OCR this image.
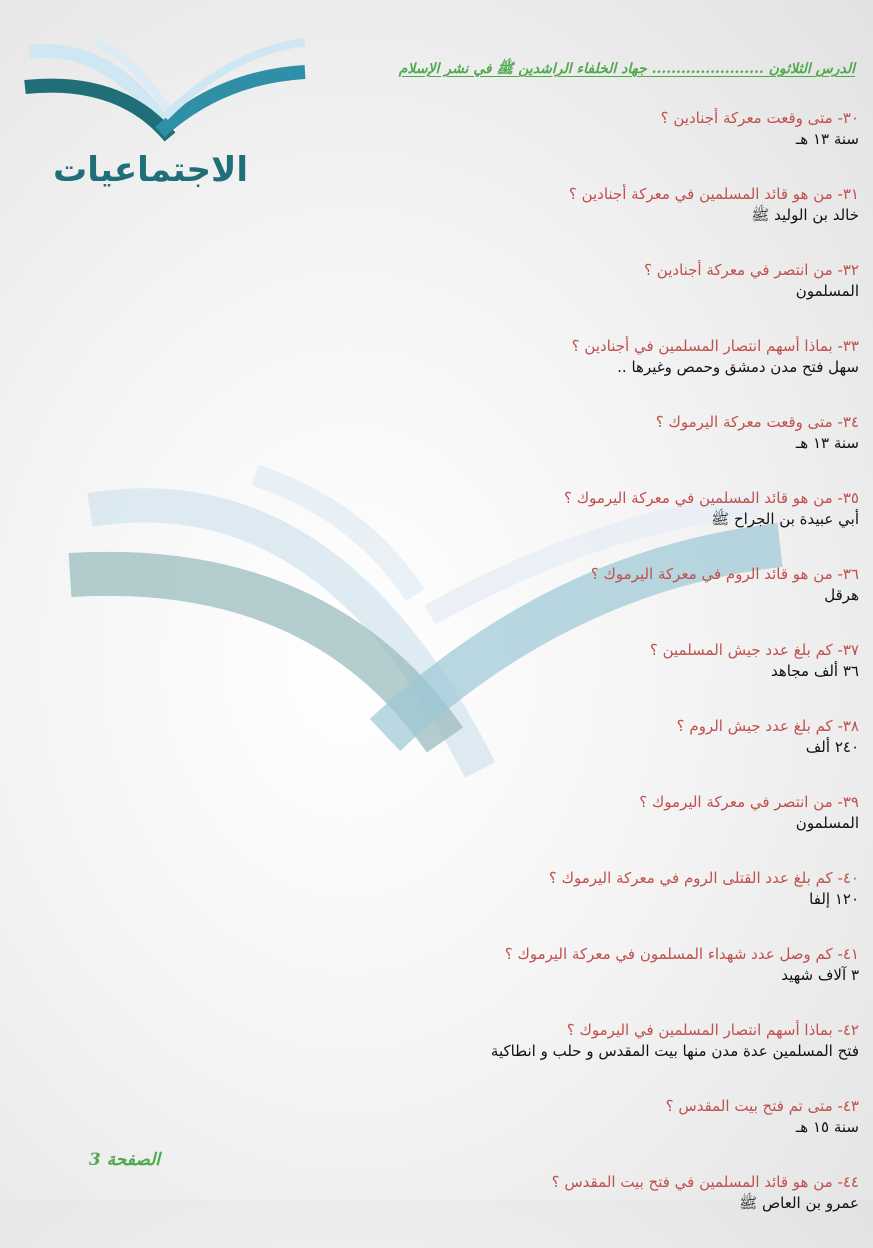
الاجتماعيات
الدرس الثلاثون ....................... جهاد الخلفاء الراشدين ﷺ في نشر الإسلام
٣٠- متى وقعت معركة أجنادين ؟
سنة ١٣ هـ
٣١- من هو قائد المسلمين في معركة أجنادين ؟
خالد بن الوليد ﷺ
٣٢- من انتصر في معركة أجنادين ؟
المسلمون
٣٣- بماذا أسهم انتصار المسلمين في أجنادين ؟
سهل فتح مدن دمشق وحمص وغيرها ..
٣٤- متى وقعت معركة اليرموك ؟
سنة ١٣ هـ
٣٥- من هو قائد المسلمين في معركة اليرموك ؟
أبي عبيدة بن الجراح ﷺ
٣٦- من هو قائد الروم في معركة اليرموك ؟
هرقل
٣٧- كم بلغ عدد جيش المسلمين ؟
٣٦ ألف مجاهد
٣٨- كم بلغ عدد جيش الروم ؟
٢٤٠ ألف
٣٩- من انتصر في معركة اليرموك ؟
المسلمون
٤٠- كم بلغ عدد القتلى الروم في معركة اليرموك ؟
١٢٠ إلفا
٤١- كم وصل عدد شهداء المسلمون في معركة اليرموك ؟
٣ آلاف شهيد
٤٢- بماذا أسهم انتصار المسلمين في اليرموك ؟
فتح المسلمين عدة مدن منها بيت المقدس و حلب و انطاكية
٤٣- متى تم فتح بيت المقدس ؟
سنة ١٥ هـ
٤٤- من هو قائد المسلمين في فتح بيت المقدس ؟
عمرو بن العاص ﷺ
الصفحة 3
